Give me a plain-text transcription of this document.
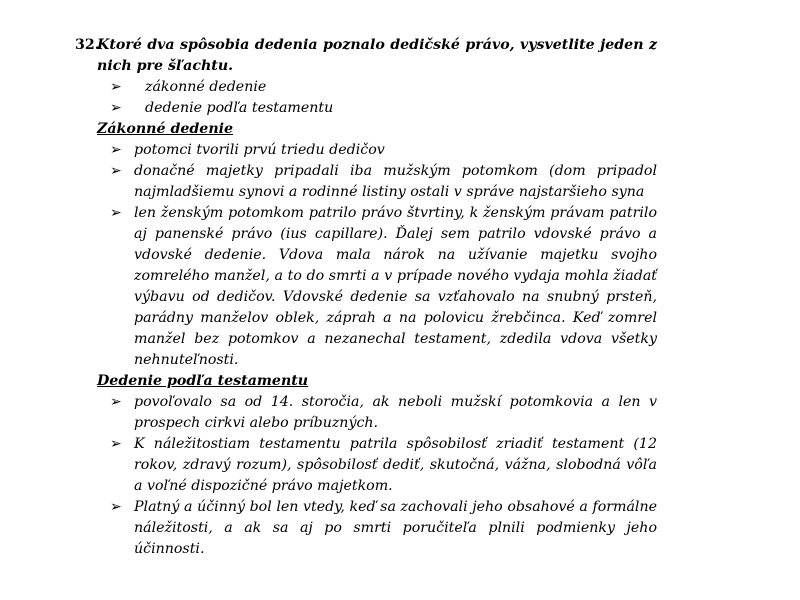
32.
Ktoré dva spôsobia dedenia poznalo dedičské právo, vysvetlite jeden z nich pre šľachtu.
➢	zákonné dedenie
➢	dedenie podľa testamentu
Zákonné dedenie
➢ potomci tvorili prvú triedu dedičov
➢ donačné majetky pripadali iba mužským potomkom (dom pripadol najmladšiemu synovi a rodinné listiny ostali v správe najstaršieho syna
➢ len ženským potomkom patrilo právo štvrtiny, k ženským právam patrilo aj panenské právo (ius capillare). Ďalej sem patrilo vdovské právo a vdovské dedenie. Vdova mala nárok na užívanie majetku svojho zomrelého manžel, a to do smrti a v prípade nového vydaja mohla žiadať výbavu od dedičov. Vdovské dedenie sa vzťahovalo na snubný prsteň, parádny manželov oblek, záprah a na polovicu žrebčinca. Keď zomrel manžel bez potomkov a nezanechal testament, zdedila vdova všetky nehnuteľnosti.
Dedenie podľa testamentu
➢ povoľovalo sa od 14. storočia, ak neboli mužskí potomkovia a len v prospech cirkvi alebo príbuzných.
➢ K náležitostiam testamentu patrila spôsobilosť zriadiť testament (12 rokov, zdravý rozum), spôsobilosť dediť, skutočná, vážna, slobodná vôľa a voľné dispozičné právo majetkom.
➢ Platný a účinný bol len vtedy, keď sa zachovali jeho obsahové a formálne náležitosti, a ak sa aj po smrti poručiteľa plnili podmienky jeho účinnosti.
